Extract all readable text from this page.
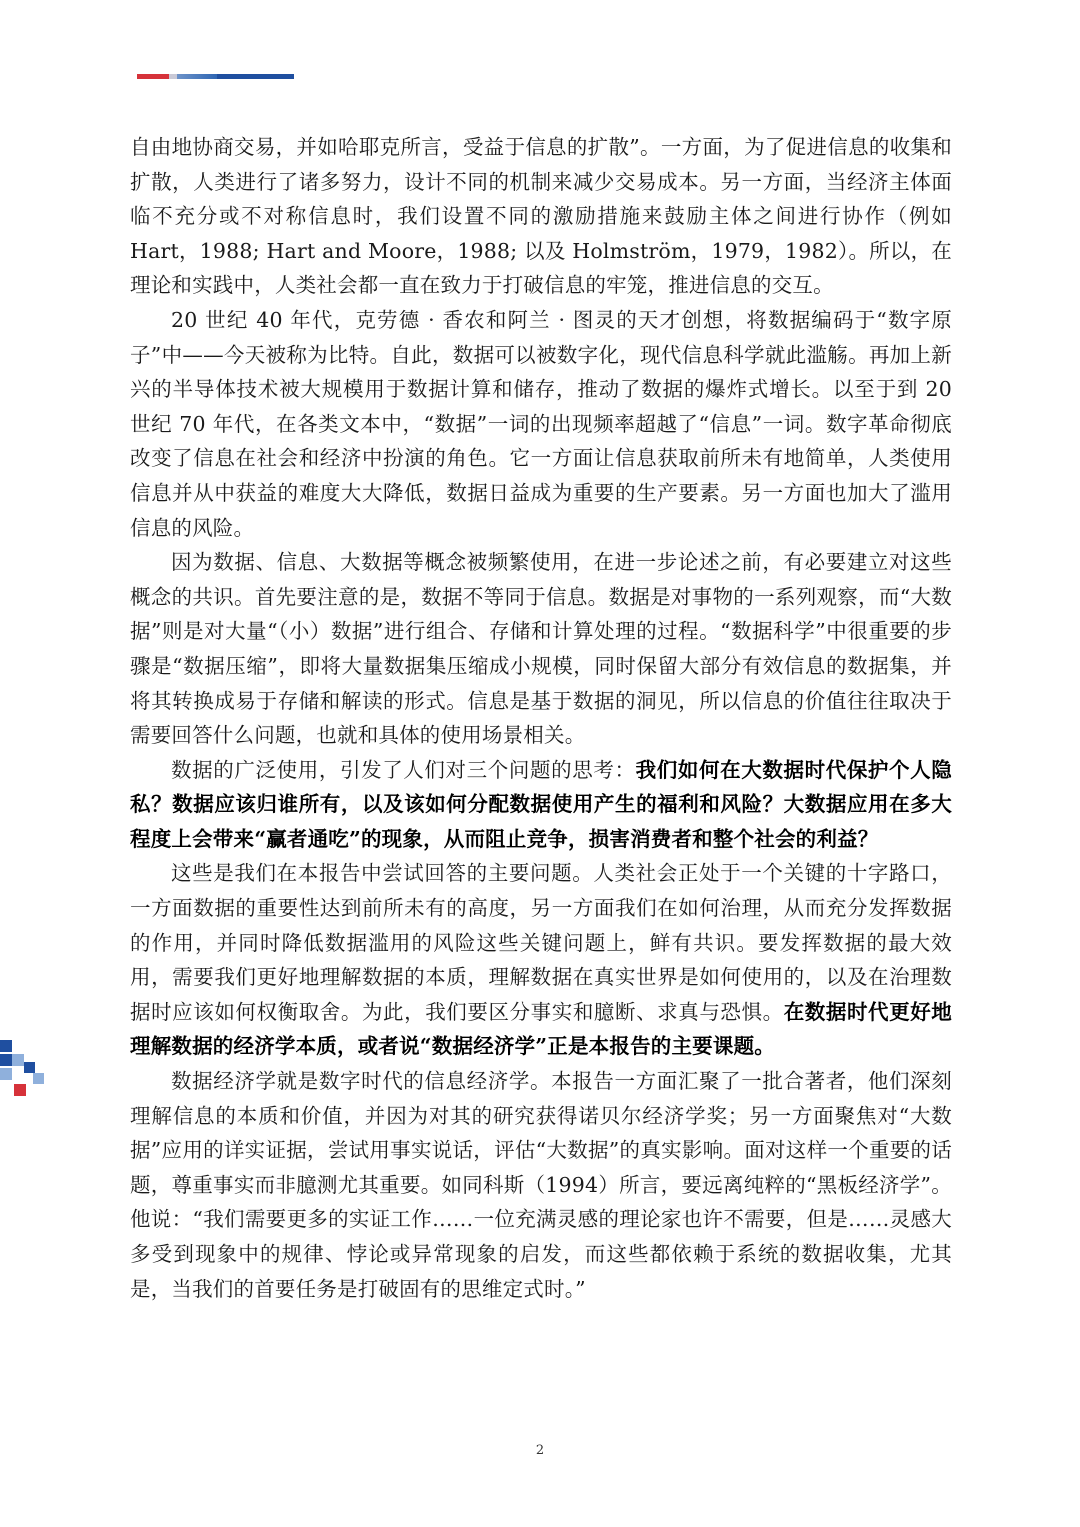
自由地协商交易，并如哈耶克所言，受益于信息的扩散”。一方面，为了促进信息的收集和扩散，人类进行了诸多努力，设计不同的机制来减少交易成本。另一方面，当经济主体面临不充分或不对称信息时，我们设置不同的激励措施来鼓励主体之间进行协作（例如 Hart，1988; Hart and Moore，1988; 以及 Holmström，1979，1982）。所以，在理论和实践中，人类社会都一直在致力于打破信息的牢笼，推进信息的交互。

20 世纪 40 年代，克劳德 · 香农和阿兰 · 图灵的天才创想，将数据编码于“数字原子”中——今天被称为比特。自此，数据可以被数字化，现代信息科学就此滥觞。再加上新兴的半导体技术被大规模用于数据计算和储存，推动了数据的爆炸式增长。以至于到 20 世纪 70 年代，在各类文本中，“数据”一词的出现频率超越了“信息”一词。数字革命彻底改变了信息在社会和经济中扮演的角色。它一方面让信息获取前所未有地简单，人类使用信息并从中获益的难度大大降低，数据日益成为重要的生产要素。另一方面也加大了滥用信息的风险。

因为数据、信息、大数据等概念被频繁使用，在进一步论述之前，有必要建立对这些概念的共识。首先要注意的是，数据不等同于信息。数据是对事物的一系列观察，而“大数据”则是对大量“（小）数据”进行组合、存储和计算处理的过程。“数据科学”中很重要的步骤是“数据压缩”，即将大量数据集压缩成小规模，同时保留大部分有效信息的数据集，并将其转换成易于存储和解读的形式。信息是基于数据的洞见，所以信息的价值往往取决于需要回答什么问题，也就和具体的使用场景相关。

数据的广泛使用，引发了人们对三个问题的思考：我们如何在大数据时代保护个人隐私？数据应该归谁所有，以及该如何分配数据使用产生的福利和风险？大数据应用在多大程度上会带来“赢者通吃”的现象，从而阻止竞争，损害消费者和整个社会的利益？

这些是我们在本报告中尝试回答的主要问题。人类社会正处于一个关键的十字路口，一方面数据的重要性达到前所未有的高度，另一方面我们在如何治理，从而充分发挥数据的作用，并同时降低数据滥用的风险这些关键问题上，鲜有共识。要发挥数据的最大效用，需要我们更好地理解数据的本质，理解数据在真实世界是如何使用的，以及在治理数据时应该如何权衡取舍。为此，我们要区分事实和臆断、求真与恐惧。在数据时代更好地理解数据的经济学本质，或者说“数据经济学”正是本报告的主要课题。

数据经济学就是数字时代的信息经济学。本报告一方面汇聚了一批合著者，他们深刻理解信息的本质和价值，并因为对其的研究获得诺贝尔经济学奖；另一方面聚焦对“大数据”应用的详实证据，尝试用事实说话，评估“大数据”的真实影响。面对这样一个重要的话题，尊重事实而非臆测尤其重要。如同科斯（1994）所言，要远离纯粹的“黑板经济学”。他说：“我们需要更多的实证工作……一位充满灵感的理论家也许不需要，但是……灵感大多受到现象中的规律、悖论或异常现象的启发，而这些都依赖于系统的数据收集，尤其是，当我们的首要任务是打破固有的思维定式时。”

2
